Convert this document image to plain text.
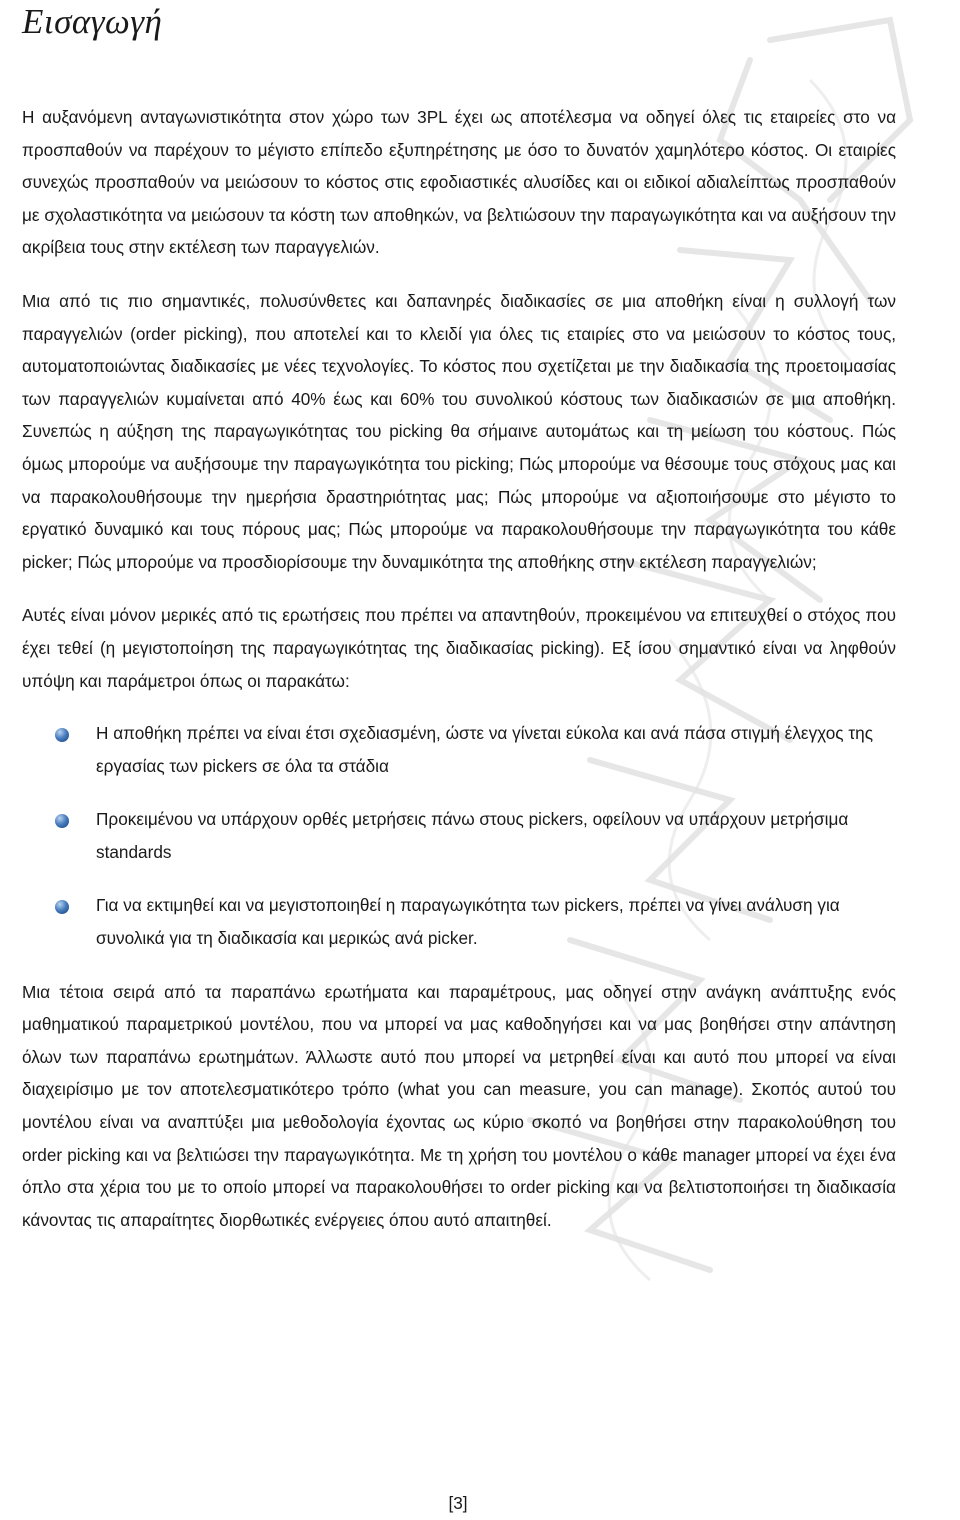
Εισαγωγή

Η αυξανόμενη ανταγωνιστικότητα στον χώρο των 3PL έχει ως αποτέλεσμα να οδηγεί όλες τις εταιρείες στο να προσπαθούν να παρέχουν το μέγιστο επίπεδο εξυπηρέτησης με όσο το δυνατόν χαμηλότερο κόστος. Οι εταιρίες συνεχώς προσπαθούν να μειώσουν το κόστος στις εφοδιαστικές αλυσίδες και οι ειδικοί αδιαλείπτως προσπαθούν με σχολαστικότητα να μειώσουν τα κόστη των αποθηκών, να βελτιώσουν την παραγωγικότητα και να αυξήσουν την ακρίβεια τους στην εκτέλεση των παραγγελιών.

Μια από τις πιο σημαντικές, πολυσύνθετες και δαπανηρές διαδικασίες σε μια αποθήκη είναι η συλλογή των παραγγελιών (order picking), που αποτελεί και το κλειδί για όλες τις εταιρίες στο να μειώσουν το κόστος τους, αυτοματοποιώντας διαδικασίες με νέες τεχνολογίες. Το κόστος που σχετίζεται με την διαδικασία της προετοιμασίας των παραγγελιών κυμαίνεται από 40% έως και 60% του συνολικού κόστους των διαδικασιών σε μια αποθήκη. Συνεπώς η αύξηση της παραγωγικότητας του picking θα σήμαινε αυτομάτως και τη μείωση του κόστους. Πώς όμως μπορούμε να αυξήσουμε την παραγωγικότητα του picking; Πώς μπορούμε να θέσουμε τους στόχους μας και να παρακολουθήσουμε την ημερήσια δραστηριότητας μας; Πώς μπορούμε να αξιοποιήσουμε στο μέγιστο το εργατικό δυναμικό και τους πόρους μας; Πώς μπορούμε να παρακολουθήσουμε την παραγωγικότητα του κάθε picker; Πώς μπορούμε να προσδιορίσουμε την δυναμικότητα της αποθήκης στην εκτέλεση παραγγελιών;

Αυτές είναι μόνον μερικές από τις ερωτήσεις που πρέπει να απαντηθούν, προκειμένου να επιτευχθεί ο στόχος που έχει τεθεί (η μεγιστοποίηση της παραγωγικότητας της διαδικασίας picking). Εξ ίσου σημαντικό είναι να ληφθούν υπόψη και παράμετροι όπως οι παρακάτω:

Η αποθήκη πρέπει να είναι έτσι σχεδιασμένη, ώστε να γίνεται εύκολα και ανά πάσα στιγμή έλεγχος της εργασίας των pickers σε όλα τα στάδια
Προκειμένου να υπάρχουν ορθές μετρήσεις πάνω στους pickers, οφείλουν να υπάρχουν μετρήσιμα standards
Για να εκτιμηθεί και να μεγιστοποιηθεί η παραγωγικότητα των pickers, πρέπει να γίνει ανάλυση για συνολικά για τη διαδικασία και μερικώς ανά picker.

Μια τέτοια σειρά από τα παραπάνω ερωτήματα και παραμέτρους, μας οδηγεί στην ανάγκη ανάπτυξης ενός μαθηματικού παραμετρικού μοντέλου, που να μπορεί να μας καθοδηγήσει και να μας βοηθήσει στην απάντηση όλων των παραπάνω ερωτημάτων. Άλλωστε αυτό που μπορεί να μετρηθεί είναι και αυτό που μπορεί να είναι διαχειρίσιμο με τον αποτελεσματικότερο τρόπο (what you can measure, you can manage). Σκοπός αυτού του μοντέλου είναι να αναπτύξει μια μεθοδολογία έχοντας ως κύριο σκοπό να βοηθήσει στην παρακολούθηση του order picking και να βελτιώσει την παραγωγικότητα. Με τη χρήση του μοντέλου ο κάθε manager μπορεί να έχει ένα όπλο στα χέρια του με το οποίο μπορεί να παρακολουθήσει το order picking και να βελτιστοποιήσει τη διαδικασία κάνοντας τις απαραίτητες διορθωτικές ενέργειες όπου αυτό απαιτηθεί.

[3]
